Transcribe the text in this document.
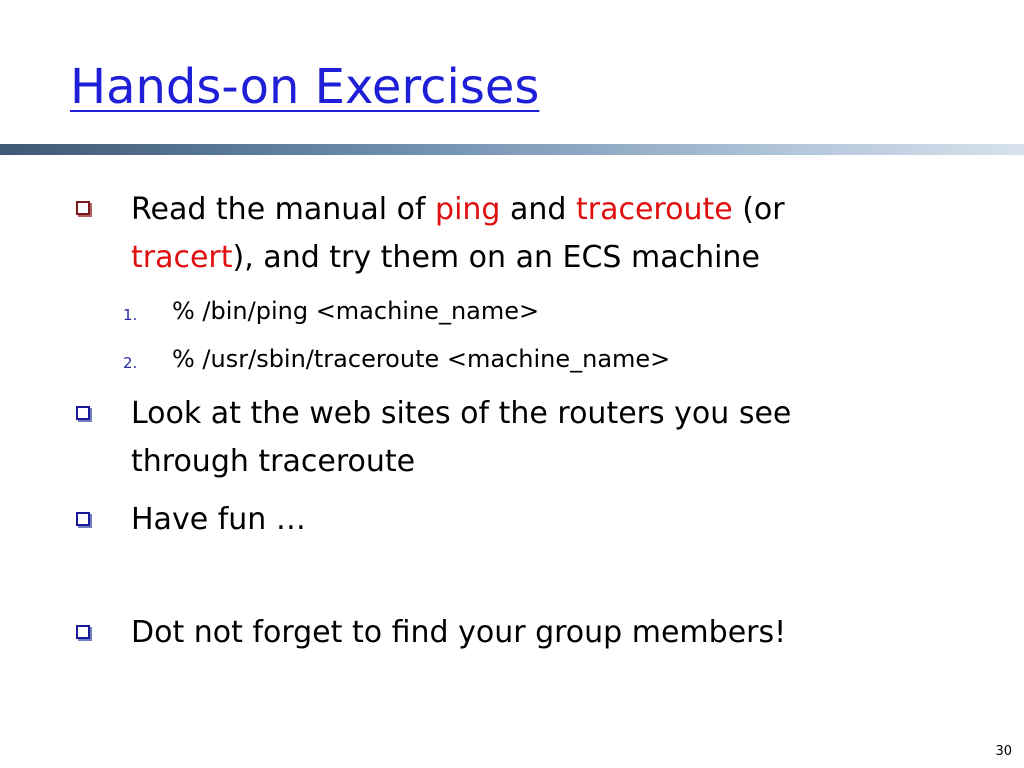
Hands-on Exercises
Read the manual of ping and traceroute (or
tracert), and try them on an ECS machine
1. % /bin/ping <machine_name>
2. % /usr/sbin/traceroute <machine_name>
Look at the web sites of the routers you see
through traceroute
Have fun …
Dot not forget to find your group members!
30
